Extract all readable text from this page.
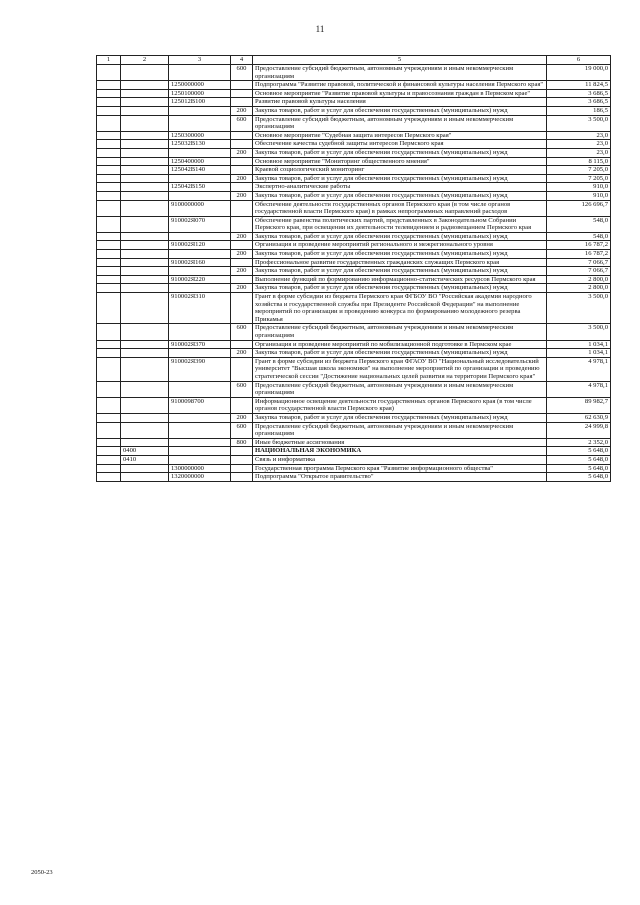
11
1	2	3	4	5	6
			600	Предоставление субсидий бюджетным, автономным учреждениям и иным некоммерческим организациям	19 000,0
		1250000000		Подпрограмма "Развитие правовой, политической и финансовой культуры населения Пермского края"	11 824,5
		1250100000		Основное мероприятие "Развитие правовой культуры и правосознания граждан в Пермском крае"	3 686,5
		125012В100		Развитие правовой культуры населения	3 686,5
			200	Закупка товаров, работ и услуг для обеспечения государственных (муниципальных) нужд	186,5
			600	Предоставление субсидий бюджетным, автономным учреждениям и иным некоммерческим организациям	3 500,0
		1250300000		Основное мероприятие "Судебная защита интересов Пермского края"	23,0
		125032В130		Обеспечение качества судебной защиты интересов Пермского края	23,0
			200	Закупка товаров, работ и услуг для обеспечения государственных (муниципальных) нужд	23,0
		1250400000		Основное мероприятие "Мониторинг общественного мнения"	8 115,0
		125042В140		Краевой социологический мониторинг	7 205,0
			200	Закупка товаров, работ и услуг для обеспечения государственных (муниципальных) нужд	7 205,0
		125042В150		Экспертно-аналитические работы	910,0
			200	Закупка товаров, работ и услуг для обеспечения государственных (муниципальных) нужд	910,0
		9100000000		Обеспечение деятельности государственных органов Пермского края (в том числе органов государственной власти Пермского края) в рамках непрограммных направлений расходов	126 696,7
		910002Я070		Обеспечение равенства политических партий, представленных в Законодательном Собрании Пермского края, при освещении их деятельности телевидением и радиовещанием Пермского края	548,0
			200	Закупка товаров, работ и услуг для обеспечения государственных (муниципальных) нужд	548,0
		910002Я120		Организация и проведение мероприятий регионального и межрегионального уровня	16 787,2
			200	Закупка товаров, работ и услуг для обеспечения государственных (муниципальных) нужд	16 787,2
		910002Я160		Профессиональное развитие государственных гражданских служащих Пермского края	7 066,7
			200	Закупка товаров, работ и услуг для обеспечения государственных (муниципальных) нужд	7 066,7
		910002Я220		Выполнение функций по формированию информационно-статистических ресурсов Пермского края	2 800,0
			200	Закупка товаров, работ и услуг для обеспечения государственных (муниципальных) нужд	2 800,0
		910002Я310		Грант в форме субсидии из бюджета Пермского края ФГБОУ ВО "Российская академия народного хозяйства и государственной службы при Президенте Российской Федерации" на выполнение мероприятий по организации и проведению конкурса по формированию молодежного резерва Прикамья	3 500,0
			600	Предоставление субсидий бюджетным, автономным учреждениям и иным некоммерческим организациям	3 500,0
		910002Я370		Организация и проведение мероприятий по мобилизационной подготовке в Пермском крае	1 034,1
			200	Закупка товаров, работ и услуг для обеспечения государственных (муниципальных) нужд	1 034,1
		910002Я390		Грант в форме субсидии из бюджета Пермского края ФГАОУ ВО "Национальный исследовательский университет "Высшая школа экономики" на выполнение мероприятий по организации и проведению стратегической сессии "Достижение национальных целей развития на территории Пермского края"	4 978,1
			600	Предоставление субсидий бюджетным, автономным учреждениям и иным некоммерческим организациям	4 978,1
		9100098700		Информационное освещение деятельности государственных органов Пермского края (в том числе органов государственной власти Пермского края)	89 982,7
			200	Закупка товаров, работ и услуг для обеспечения государственных (муниципальных) нужд	62 630,9
			600	Предоставление субсидий бюджетным, автономным учреждениям и иным некоммерческим организациям	24 999,8
			800	Иные бюджетные ассигнования	2 352,0
	0400			НАЦИОНАЛЬНАЯ ЭКОНОМИКА	5 648,0
	0410			Связь и информатика	5 648,0
		1300000000		Государственная программа Пермского края "Развитие информационного общества"	5 648,0
		1320000000		Подпрограмма "Открытое правительство"	5 648,0
2050-23
